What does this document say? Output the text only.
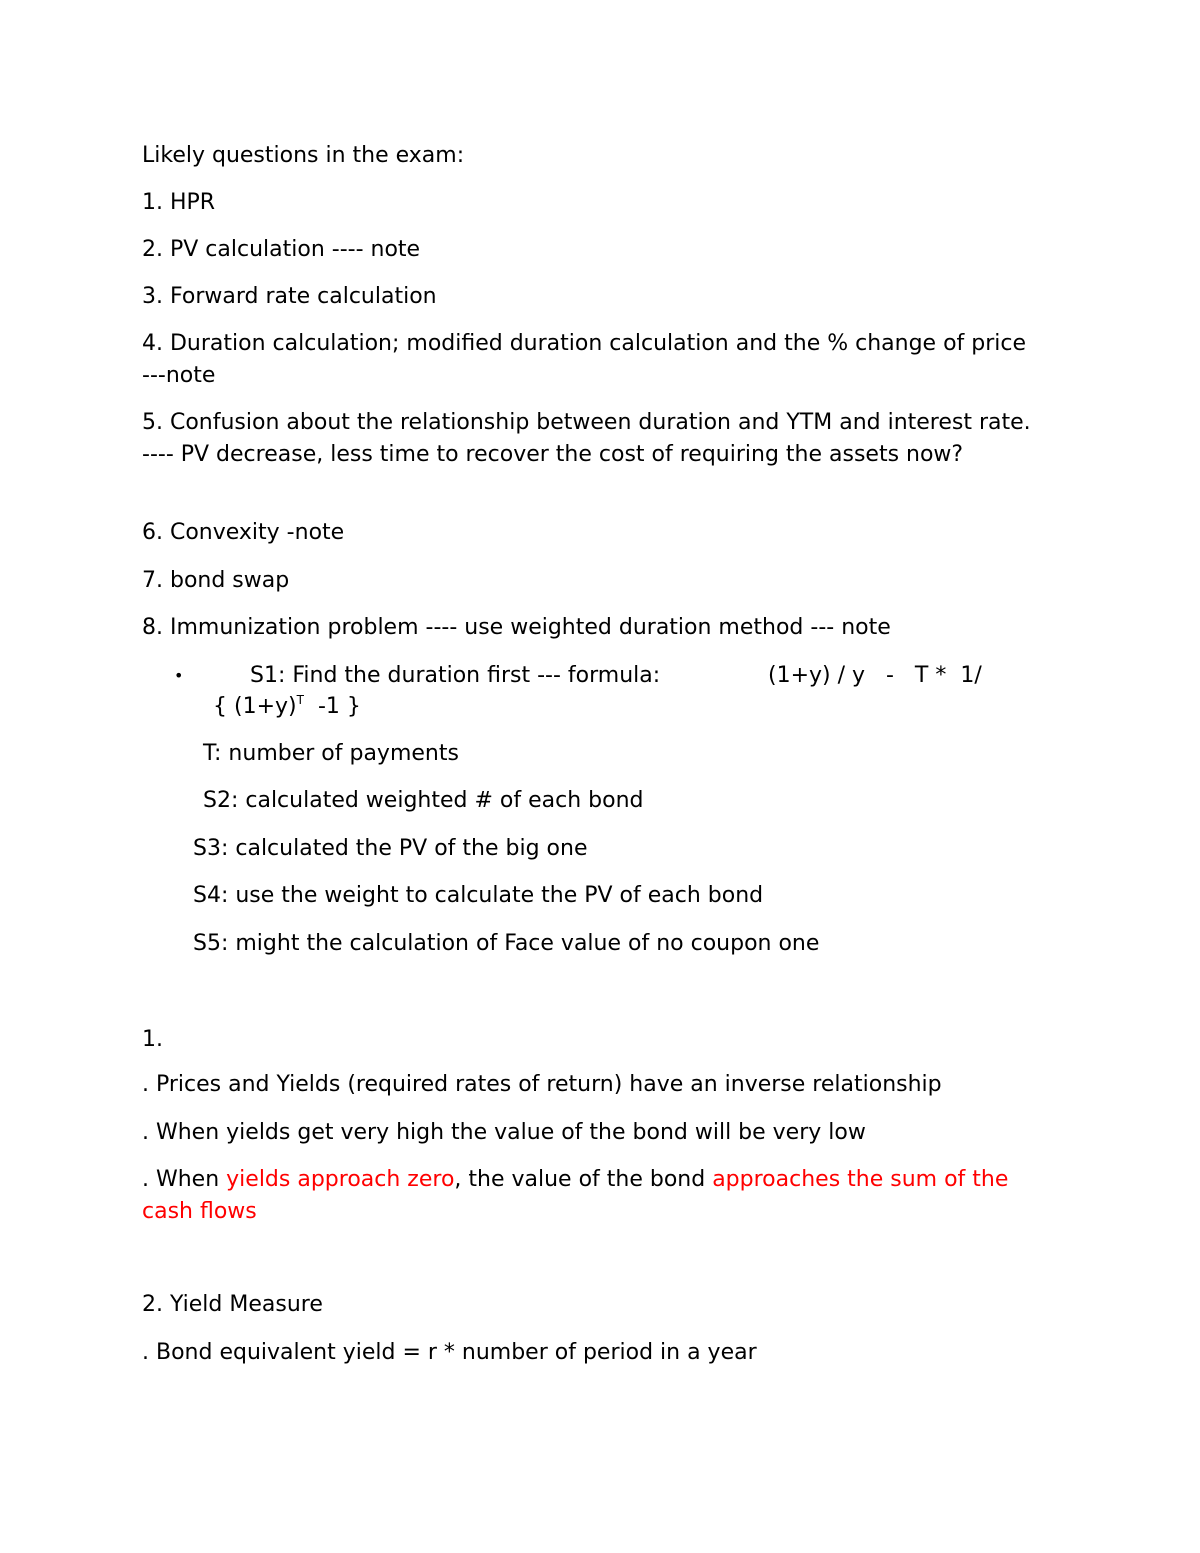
Likely questions in the exam:
1. HPR
2. PV calculation ---- note
3. Forward rate calculation
4. Duration calculation; modified duration calculation and the % change of price ---note
5. Confusion about the relationship between duration and YTM and interest rate. ---- PV decrease, less time to recover the cost of requiring the assets now?
6. Convexity -note
7. bond swap
8. Immunization problem ---- use weighted duration method --- note
•	S1: Find the duration first --- formula:	(1+y) / y   -   T *  1/
{ $(1+y)^T$  -1 }
T: number of payments
S2: calculated weighted # of each bond
S3: calculated the PV of the big one
S4: use the weight to calculate the PV of each bond
S5: might the calculation of Face value of no coupon one
1.
. Prices and Yields (required rates of return) have an inverse relationship
. When yields get very high the value of the bond will be very low
. When yields approach zero, the value of the bond approaches the sum of the cash flows
2. Yield Measure
. Bond equivalent yield = r * number of period in a year
